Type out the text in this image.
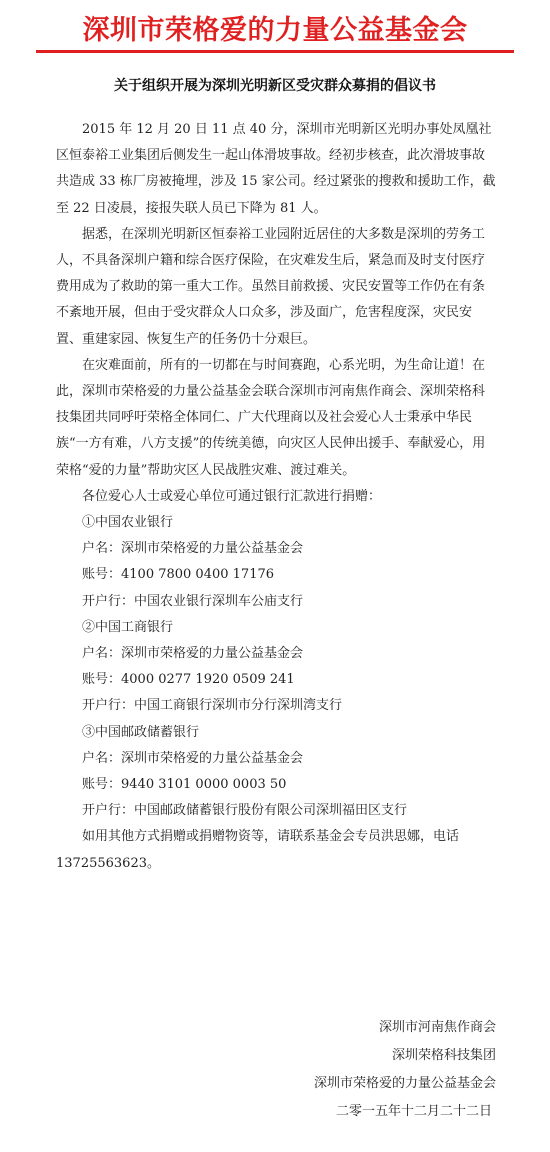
深圳市荣格爱的力量公益基金会
关于组织开展为深圳光明新区受灾群众募捐的倡议书

2015 年 12 月 20 日 11 点 40 分，深圳市光明新区光明办事处凤凰社区恒泰裕工业集团后侧发生一起山体滑坡事故。经初步核查，此次滑坡事故共造成 33 栋厂房被掩埋，涉及 15 家公司。经过紧张的搜救和援助工作，截至 22 日凌晨，接报失联人员已下降为 81 人。

据悉，在深圳光明新区恒泰裕工业园附近居住的大多数是深圳的劳务工人，不具备深圳户籍和综合医疗保险，在灾难发生后，紧急而及时支付医疗费用成为了救助的第一重大工作。虽然目前救援、灾民安置等工作仍在有条不紊地开展，但由于受灾群众人口众多，涉及面广，危害程度深，灾民安置、重建家园、恢复生产的任务仍十分艰巨。

在灾难面前，所有的一切都在与时间赛跑，心系光明，为生命让道！在此，深圳市荣格爱的力量公益基金会联合深圳市河南焦作商会、深圳荣格科技集团共同呼吁荣格全体同仁、广大代理商以及社会爱心人士秉承中华民族“一方有难，八方支援”的传统美德，向灾区人民伸出援手、奉献爱心，用荣格“爱的力量”帮助灾区人民战胜灾难、渡过难关。

各位爱心人士或爱心单位可通过银行汇款进行捐赠：

①中国农业银行

户名：深圳市荣格爱的力量公益基金会

账号：4100 7800 0400 17176

开户行：中国农业银行深圳车公庙支行

②中国工商银行

户名：深圳市荣格爱的力量公益基金会

账号：4000 0277 1920 0509 241

开户行：中国工商银行深圳市分行深圳湾支行

③中国邮政储蓄银行

户名：深圳市荣格爱的力量公益基金会

账号：9440 3101 0000 0003 50

开户行：中国邮政储蓄银行股份有限公司深圳福田区支行

如用其他方式捐赠或捐赠物资等，请联系基金会专员洪思娜，电话 13725563623。

深圳市河南焦作商会
深圳荣格科技集团
深圳市荣格爱的力量公益基金会
二零一五年十二月二十二日
